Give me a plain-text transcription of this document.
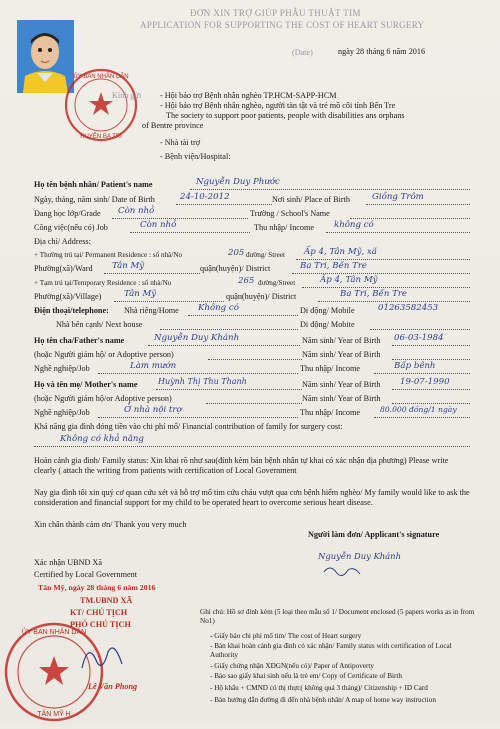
ỦY BAN NHÂN DÂN
HUYỆN BA TRI
ĐƠN XIN TRỢ GIÚP PHẪU THUẬT TIM
APPLICATION FOR SUPPORTING THE COST OF HEART SURGERY
(Date)	ngày 28 tháng 6 năm 2016
Kính gửi - Hội bảo trợ Bệnh nhân nghèo TP.HCM-SAPP-HCM
- Hội bảo trợ Bệnh nhân nghèo, người tàn tật và trẻ mồ côi tỉnh Bến Tre
The society to support poor patients, people with disabilities ans orphans
of Bentre province
- Nhà tài trợ
- Bệnh viện/Hospital:
Họ tên bệnh nhân/ Patient's name	Nguyễn Duy Phước
Ngày, tháng, năm sinh/ Date of Birth	24-10-2012	Nơi sinh/ Place of Birth	Giồng Trôm
Đang học lớp/Grade Còn nhỏ	Trường / School's Name
Công việc(nếu có) Job	Còn nhỏ	Thu nhập/ Income không có
Địa chỉ/ Address:
+ Thường trú tại/ Permanent Residence : số nhà/No	205 đường/ Street Ấp 4, Tân Mỹ, xã
Phường(xã)/Ward Tân Mỹ	quận(huyện)/ District	Ba Tri, Bến Tre
+ Tạm trú tại/Temporary Residence : số nhà/No	265 đường/Street	Ấp 4, Tân Mỹ
Phường(xã)/Village)	Tân Mỹ	quận(huyện)/ District	Ba Tri, Bến Tre
Điện thoại/telephone: Nhà riêng/Home Không có	Di động/ Mobile	01263582453
Nhà bên cạnh/ Next house	Di động/ Mobite
Họ tên cha/Father's name	Nguyễn Duy Khánh	Năm sinh/ Year of Birth 06-03-1984
(hoặc Người giám hộ/ or Adoptive person)	Năm sinh/ Year of Birth
Nghề nghiệp/Job	Làm mướn	Thu nhập/ Income	Bấp bênh
Họ và tên mẹ/ Mother's name	Huỳnh Thị Thu Thanh	Năm sinh/ Year of Birth 19-07-1990
(hoặc Người giám hộ/or Adoptive person)	Năm sinh/ Year of Birth
Nghề nghiệp/Job	Ở nhà nội trợ	Thu nhập/ Income	80.000 đồng/1 ngày
Khả năng gia đình đóng tiền vào chi phí mổ/ Financial contribution of family for surgery cost:
Không có khả năng
Hoàn cảnh gia đình/ Family status: Xin khai rõ như sau(đính kèm bản bệnh nhân tự khai có xác nhận địa phương) Please write clearly ( attach the writing from patients with certification of Local Government
Nay gia đình tôi xin quý cơ quan cứu xét và hỗ trợ mổ tim cứu cháu vượt qua cơn bệnh hiểm nghèo/ My family would like to ask the consideration and financial support for my child to be operated heart to overcome serious heart disease.
Xin chân thành cảm ơn/ Thank you very much
Người làm đơn/ Applicant's signature
Nguyễn Duy Khánh
Xác nhận UBND Xã
Certified by Local Government
Tân Mỹ, ngày 28 tháng 6 năm 2016
TM.UBND XÃ
KT/ CHỦ TỊCH
PHÓ CHỦ TỊCH
ỦY BAN NHÂN DÂN
TÂN MỸ H
Lê Văn Phong
Ghi chú: Hồ sơ đính kèm (5 loại theo mẫu số 1/ Document enclosed (5 papers works as in from No1)
- Giấy báo chi phí mổ tim/ The cost of Heart surgery
- Bản khai hoàn cảnh gia đình có xác nhận/ Family status with certification of Local Authority
- Giấy chứng nhận XĐGN(nếu có)/ Paper of Antipoverty
- Bảo sao giấy khai sinh nếu là trẻ em/ Copy of Certificate of Birth
- Hộ khẩu + CMND có thị thực( không quá 3 tháng)/ Citizenship + ID Card
- Bản hướng dẫn đường đi đến nhà bệnh nhân/ A map of home way instruction
